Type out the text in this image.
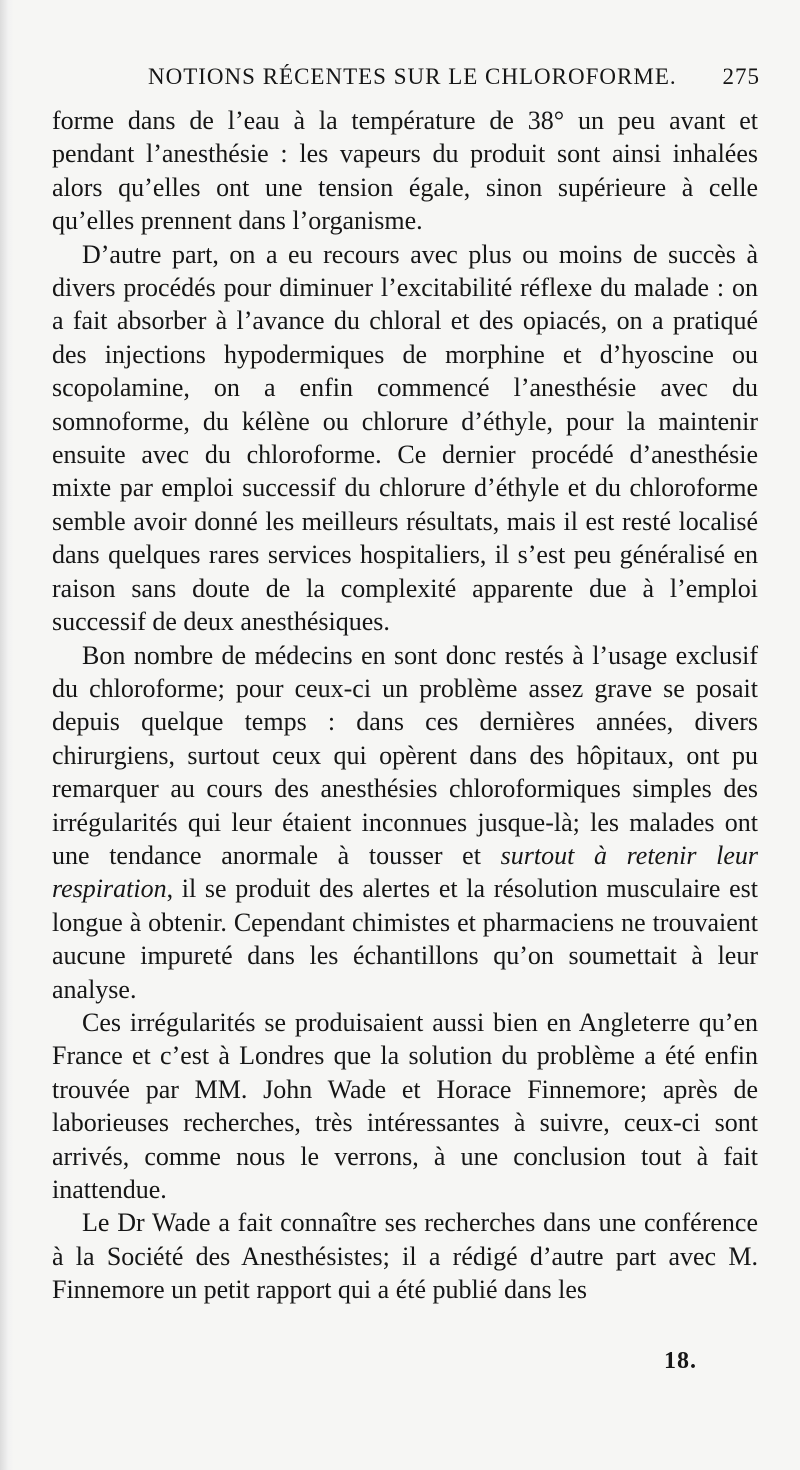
NOTIONS RÉCENTES SUR LE CHLOROFORME. 275

forme dans de l’eau à la température de 38° un peu avant et pendant l’anesthésie : les vapeurs du produit sont ainsi inhalées alors qu’elles ont une tension égale, sinon supérieure à celle qu’elles prennent dans l’organisme.

D’autre part, on a eu recours avec plus ou moins de succès à divers procédés pour diminuer l’excitabilité réflexe du malade : on a fait absorber à l’avance du chloral et des opiacés, on a pratiqué des injections hypodermiques de morphine et d’hyoscine ou scopolamine, on a enfin commencé l’anesthésie avec du somnoforme, du kélène ou chlorure d’éthyle, pour la maintenir ensuite avec du chloroforme. Ce dernier procédé d’anesthésie mixte par emploi successif du chlorure d’éthyle et du chloroforme semble avoir donné les meilleurs résultats, mais il est resté localisé dans quelques rares services hospitaliers, il s’est peu généralisé en raison sans doute de la complexité apparente due à l’emploi successif de deux anesthésiques.

Bon nombre de médecins en sont donc restés à l’usage exclusif du chloroforme; pour ceux-ci un problème assez grave se posait depuis quelque temps : dans ces dernières années, divers chirurgiens, surtout ceux qui opèrent dans des hôpitaux, ont pu remarquer au cours des anesthésies chloroformiques simples des irrégularités qui leur étaient inconnues jusque-là; les malades ont une tendance anormale à tousser et surtout à retenir leur respiration, il se produit des alertes et la résolution musculaire est longue à obtenir. Cependant chimistes et pharmaciens ne trouvaient aucune impureté dans les échantillons qu’on soumettait à leur analyse.

Ces irrégularités se produisaient aussi bien en Angleterre qu’en France et c’est à Londres que la solution du problème a été enfin trouvée par MM. John Wade et Horace Finnemore; après de laborieuses recherches, très intéressantes à suivre, ceux-ci sont arrivés, comme nous le verrons, à une conclusion tout à fait inattendue.

Le Dr Wade a fait connaître ses recherches dans une conférence à la Société des Anesthésistes; il a rédigé d’autre part avec M. Finnemore un petit rapport qui a été publié dans les

18.
